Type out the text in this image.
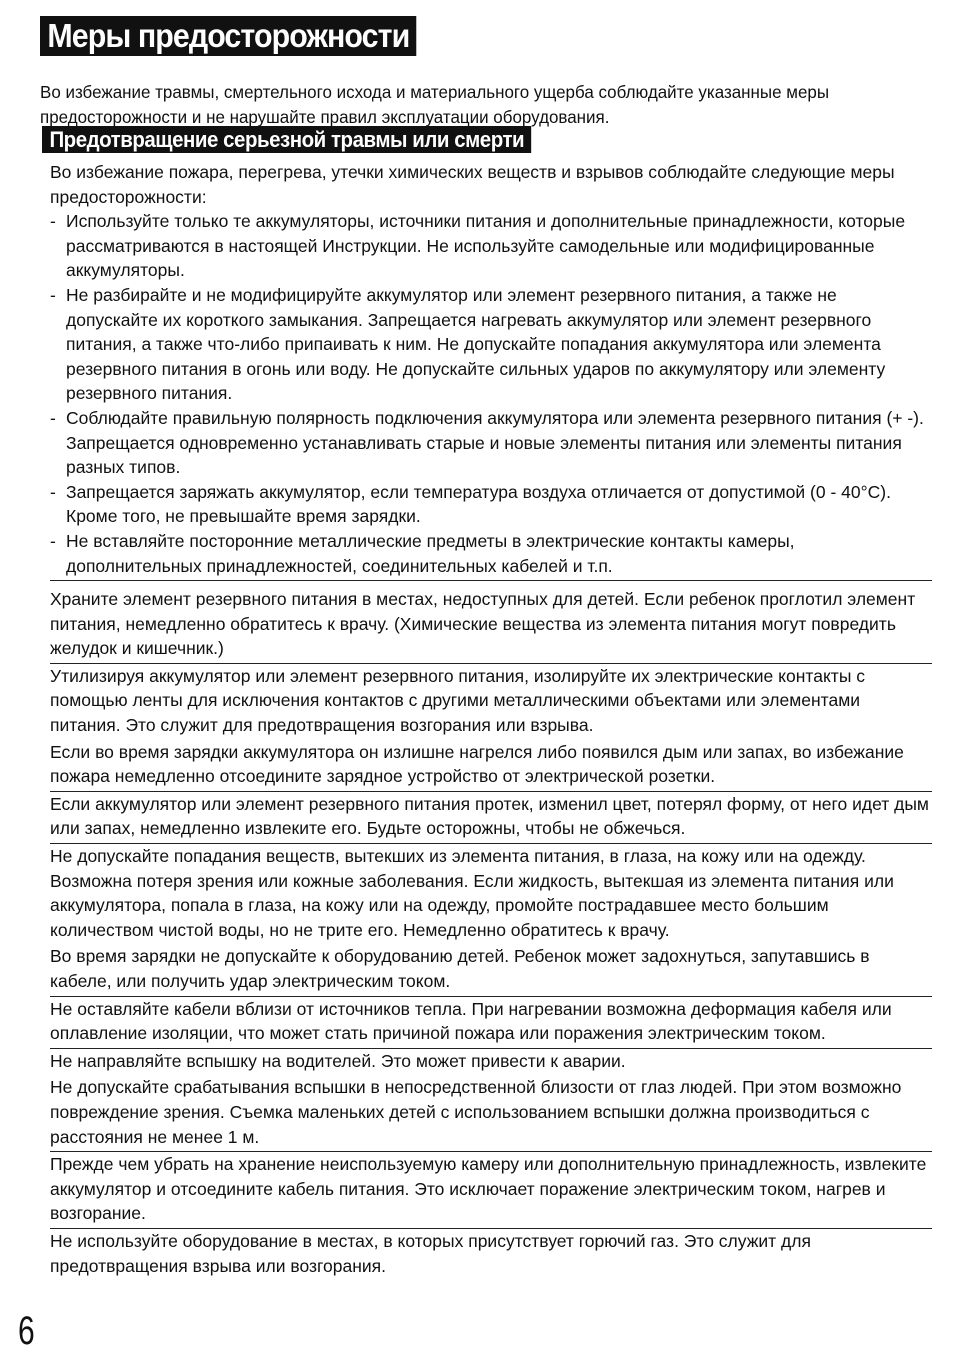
Меры предосторожности

Во избежание травмы, смертельного исхода и материального ущерба соблюдайте указанные меры предосторожности и не нарушайте правил эксплуатации оборудования.

Предотвращение серьезной травмы или смерти

Во избежание пожара, перегрева, утечки химических веществ и взрывов соблюдайте следующие меры предосторожности:

- Используйте только те аккумуляторы, источники питания и дополнительные принадлежности, которые рассматриваются в настоящей Инструкции. Не используйте самодельные или модифицированные аккумуляторы.
- Не разбирайте и не модифицируйте аккумулятор или элемент резервного питания, а также не допускайте их короткого замыкания. Запрещается нагревать аккумулятор или элемент резервного питания, а также что-либо припаивать к ним. Не допускайте попадания аккумулятора или элемента резервного питания в огонь или воду. Не допускайте сильных ударов по аккумулятору или элементу резервного питания.
- Соблюдайте правильную полярность подключения аккумулятора или элемента резервного питания (+ -). Запрещается одновременно устанавливать старые и новые элементы питания или элементы питания разных типов.
- Запрещается заряжать аккумулятор, если температура воздуха отличается от допустимой (0 - 40°C). Кроме того, не превышайте время зарядки.
- Не вставляйте посторонние металлические предметы в электрические контакты камеры, дополнительных принадлежностей, соединительных кабелей и т.п.

Храните элемент резервного питания в местах, недоступных для детей. Если ребенок проглотил элемент питания, немедленно обратитесь к врачу. (Химические вещества из элемента питания могут повредить желудок и кишечник.)

Утилизируя аккумулятор или элемент резервного питания, изолируйте их электрические контакты с помощью ленты для исключения контактов с другими металлическими объектами или элементами питания. Это служит для предотвращения возгорания или взрыва.

Если во время зарядки аккумулятора он излишне нагрелся либо появился дым или запах, во избежание пожара немедленно отсоедините зарядное устройство от электрической розетки.

Если аккумулятор или элемент резервного питания протек, изменил цвет, потерял форму, от него идет дым или запах, немедленно извлеките его. Будьте осторожны, чтобы не обжечься.

Не допускайте попадания веществ, вытекших из элемента питания, в глаза, на кожу или на одежду. Возможна потеря зрения или кожные заболевания. Если жидкость, вытекшая из элемента питания или аккумулятора, попала в глаза, на кожу или на одежду, промойте пострадавшее место большим количеством чистой воды, но не трите его. Немедленно обратитесь к врачу.

Во время зарядки не допускайте к оборудованию детей. Ребенок может задохнуться, запутавшись в кабеле, или получить удар электрическим током.

Не оставляйте кабели вблизи от источников тепла. При нагревании возможна деформация кабеля или оплавление изоляции, что может стать причиной пожара или поражения электрическим током.

Не направляйте вспышку на водителей. Это может привести к аварии.

Не допускайте срабатывания вспышки в непосредственной близости от глаз людей. При этом возможно повреждение зрения. Съемка маленьких детей с использованием вспышки должна производиться с расстояния не менее 1 м.

Прежде чем убрать на хранение неиспользуемую камеру или дополнительную принадлежность, извлеките аккумулятор и отсоедините кабель питания. Это исключает поражение электрическим током, нагрев и возгорание.

Не используйте оборудование в местах, в которых присутствует горючий газ. Это служит для предотвращения взрыва или возгорания.

6
